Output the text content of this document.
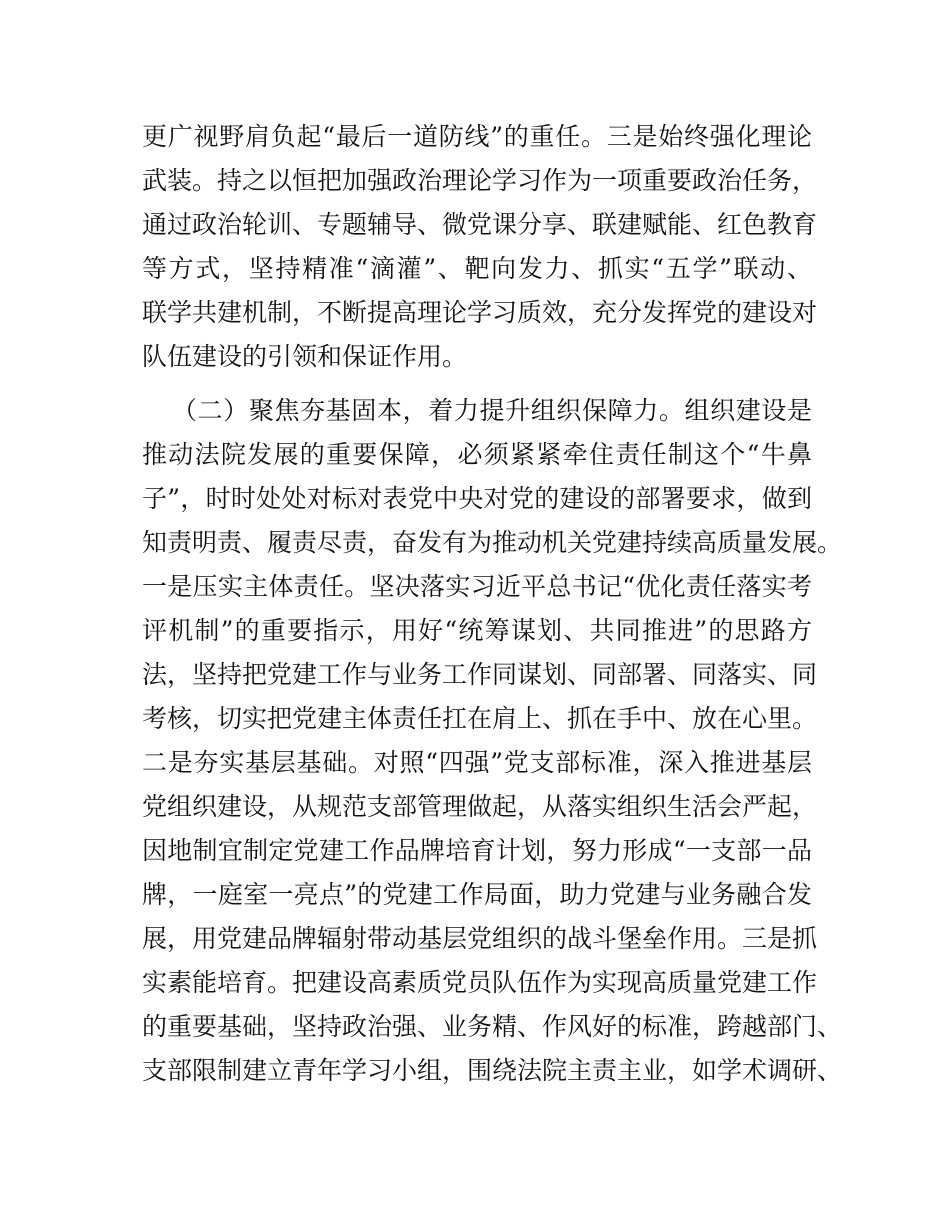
更广视野肩负起“最后一道防线”的重任。三是始终强化理论
武装。持之以恒把加强政治理论学习作为一项重要政治任务，
通过政治轮训、专题辅导、微党课分享、联建赋能、红色教育
等方式，坚持精准“滴灌”、靶向发力、抓实“五学”联动、
联学共建机制，不断提高理论学习质效，充分发挥党的建设对
队伍建设的引领和保证作用。
（二）聚焦夯基固本，着力提升组织保障力。组织建设是
推动法院发展的重要保障，必须紧紧牵住责任制这个“牛鼻
子”，时时处处对标对表党中央对党的建设的部署要求，做到
知责明责、履责尽责，奋发有为推动机关党建持续高质量发展。
一是压实主体责任。坚决落实习近平总书记“优化责任落实考
评机制”的重要指示，用好“统筹谋划、共同推进”的思路方
法，坚持把党建工作与业务工作同谋划、同部署、同落实、同
考核，切实把党建主体责任扛在肩上、抓在手中、放在心里。
二是夯实基层基础。对照“四强”党支部标准，深入推进基层
党组织建设，从规范支部管理做起，从落实组织生活会严起，
因地制宜制定党建工作品牌培育计划，努力形成“一支部一品
牌，一庭室一亮点”的党建工作局面，助力党建与业务融合发
展，用党建品牌辐射带动基层党组织的战斗堡垒作用。三是抓
实素能培育。把建设高素质党员队伍作为实现高质量党建工作
的重要基础，坚持政治强、业务精、作风好的标准，跨越部门、
支部限制建立青年学习小组，围绕法院主责主业，如学术调研、
